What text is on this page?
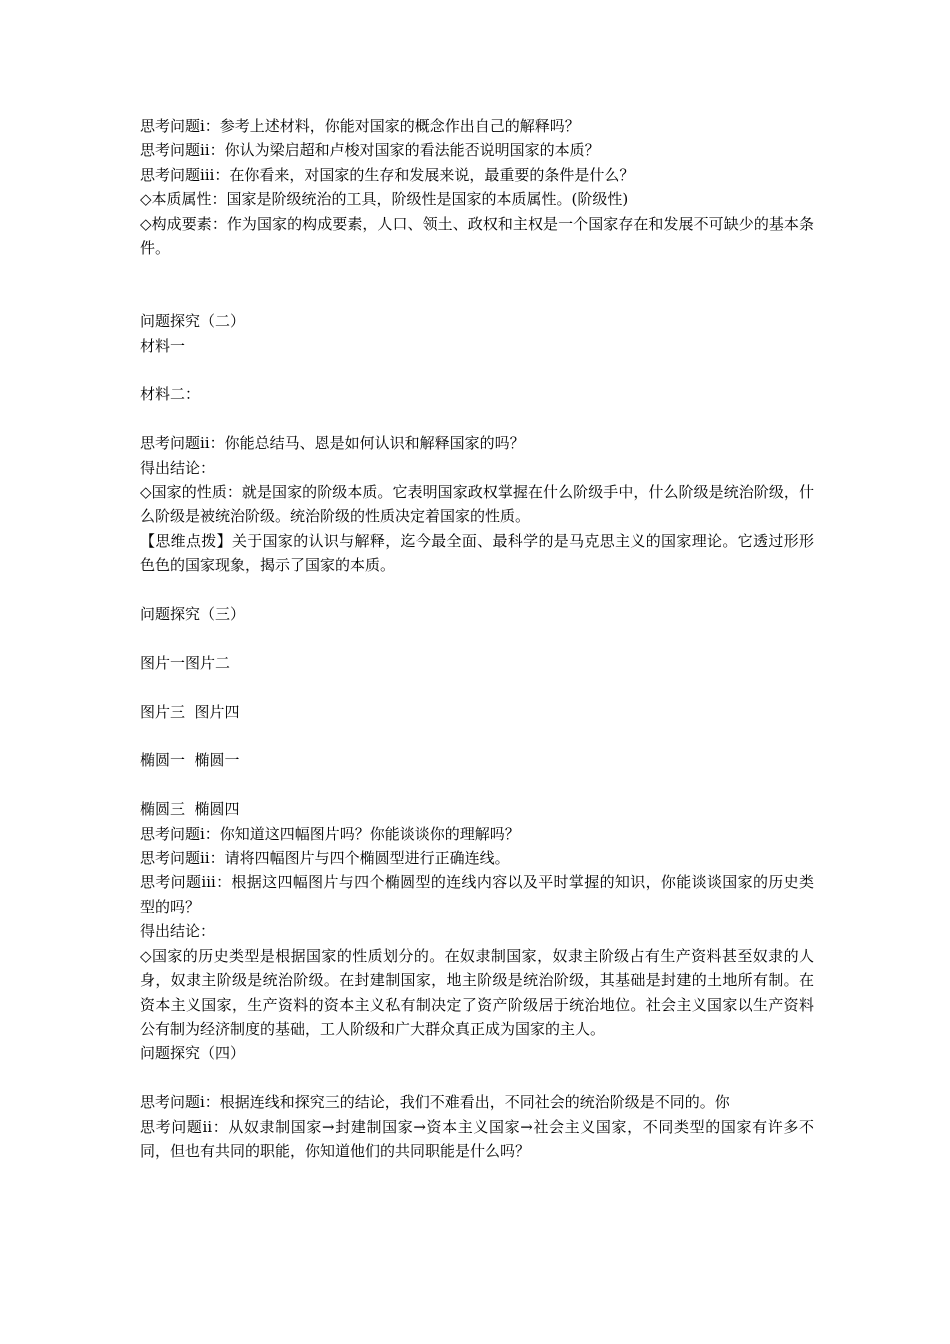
思考问题ⅰ：参考上述材料，你能对国家的概念作出自己的解释吗？

思考问题ⅱ：你认为梁启超和卢梭对国家的看法能否说明国家的本质？

思考问题ⅲ：在你看来，对国家的生存和发展来说，最重要的条件是什么？

◇本质属性：国家是阶级统治的工具，阶级性是国家的本质属性。(阶级性)

◇构成要素：作为国家的构成要素，人口、领土、政权和主权是一个国家存在和发展不可缺少的基本条件。

问题探究（二）

材料一

材料二：

思考问题ⅱ：你能总结马、恩是如何认识和解释国家的吗？

得出结论：

◇国家的性质：就是国家的阶级本质。它表明国家政权掌握在什么阶级手中，什么阶级是统治阶级，什么阶级是被统治阶级。统治阶级的性质决定着国家的性质。

【思维点拨】关于国家的认识与解释，迄今最全面、最科学的是马克思主义的国家理论。它透过形形色色的国家现象，揭示了国家的本质。

问题探究（三）

图片一图片二

图片三  图片四

椭圆一  椭圆一

椭圆三  椭圆四

思考问题ⅰ：你知道这四幅图片吗？你能谈谈你的理解吗？

思考问题ⅱ：请将四幅图片与四个椭圆型进行正确连线。

思考问题ⅲ：根据这四幅图片与四个椭圆型的连线内容以及平时掌握的知识，你能谈谈国家的历史类型的吗？

得出结论：

◇国家的历史类型是根据国家的性质划分的。在奴隶制国家，奴隶主阶级占有生产资料甚至奴隶的人身，奴隶主阶级是统治阶级。在封建制国家，地主阶级是统治阶级，其基础是封建的土地所有制。在资本主义国家，生产资料的资本主义私有制决定了资产阶级居于统治地位。社会主义国家以生产资料公有制为经济制度的基础，工人阶级和广大群众真正成为国家的主人。

问题探究（四）

思考问题ⅰ：根据连线和探究三的结论，我们不难看出，不同社会的统治阶级是不同的。你

思考问题ⅱ：从奴隶制国家→封建制国家→资本主义国家→社会主义国家，不同类型的国家有许多不同，但也有共同的职能，你知道他们的共同职能是什么吗？
